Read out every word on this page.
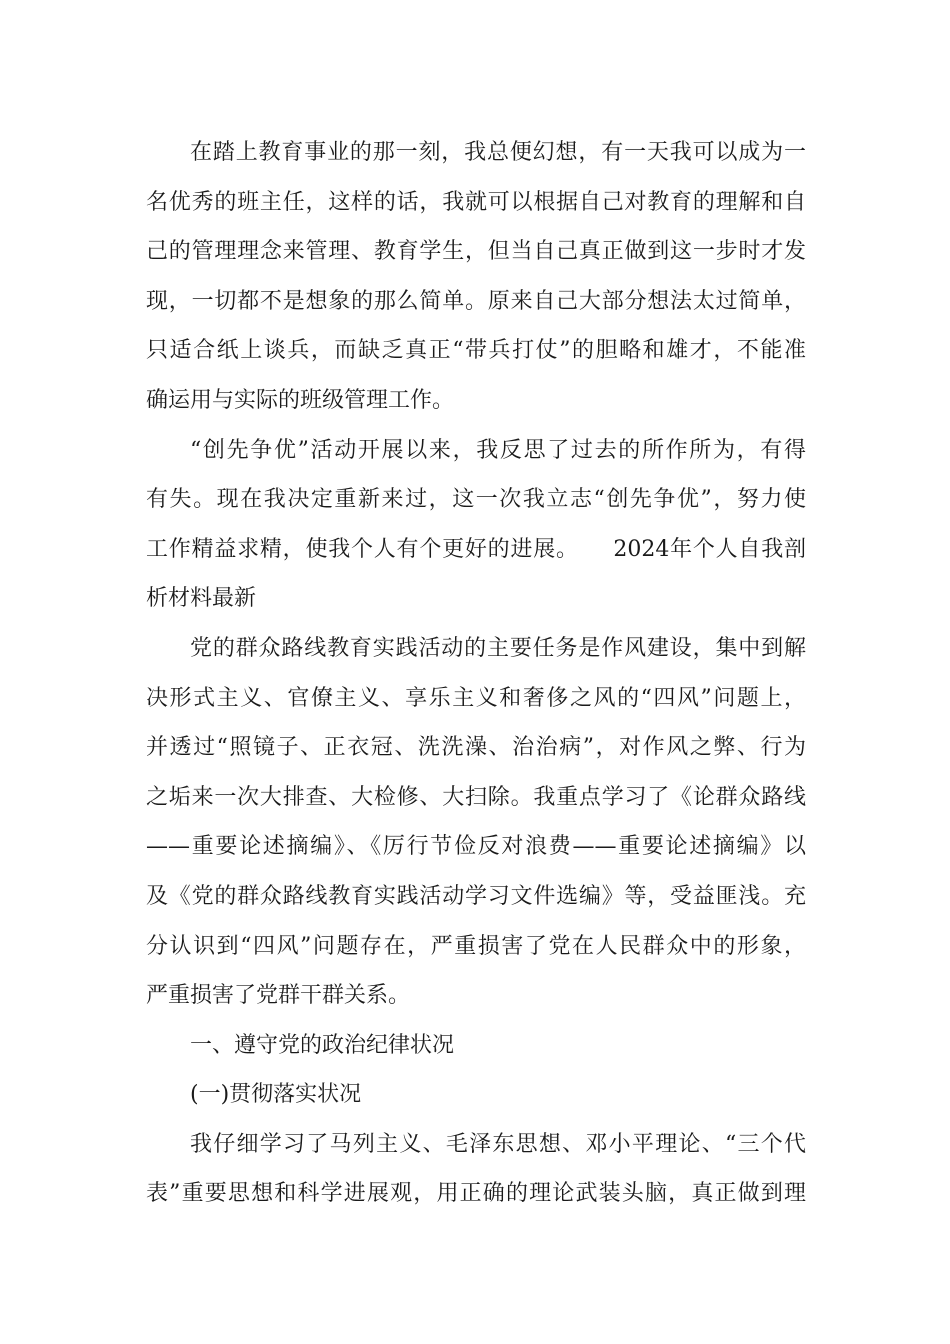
在踏上教育事业的那一刻，我总便幻想，有一天我可以成为一
名优秀的班主任，这样的话，我就可以根据自己对教育的理解和自
己的管理理念来管理、教育学生，但当自己真正做到这一步时才发
现，一切都不是想象的那么简单。原来自己大部分想法太过简单，
只适合纸上谈兵，而缺乏真正“带兵打仗”的胆略和雄才，不能准
确运用与实际的班级管理工作。
“创先争优”活动开展以来，我反思了过去的所作所为，有得
有失。现在我决定重新来过，这一次我立志“创先争优”，努力使
工作精益求精，使我个人有个更好的进展。　　2024年个人自我剖
析材料最新
党的群众路线教育实践活动的主要任务是作风建设，集中到解
决形式主义、官僚主义、享乐主义和奢侈之风的“四风”问题上，
并透过“照镜子、正衣冠、洗洗澡、治治病”，对作风之弊、行为
之垢来一次大排查、大检修、大扫除。我重点学习了《论群众路线
——重要论述摘编》、《厉行节俭反对浪费——重要论述摘编》以
及《党的群众路线教育实践活动学习文件选编》等，受益匪浅。充
分认识到“四风”问题存在，严重损害了党在人民群众中的形象，
严重损害了党群干群关系。
一、遵守党的政治纪律状况
(一)贯彻落实状况
我仔细学习了马列主义、毛泽东思想、邓小平理论、“三个代
表”重要思想和科学进展观，用正确的理论武装头脑，真正做到理
